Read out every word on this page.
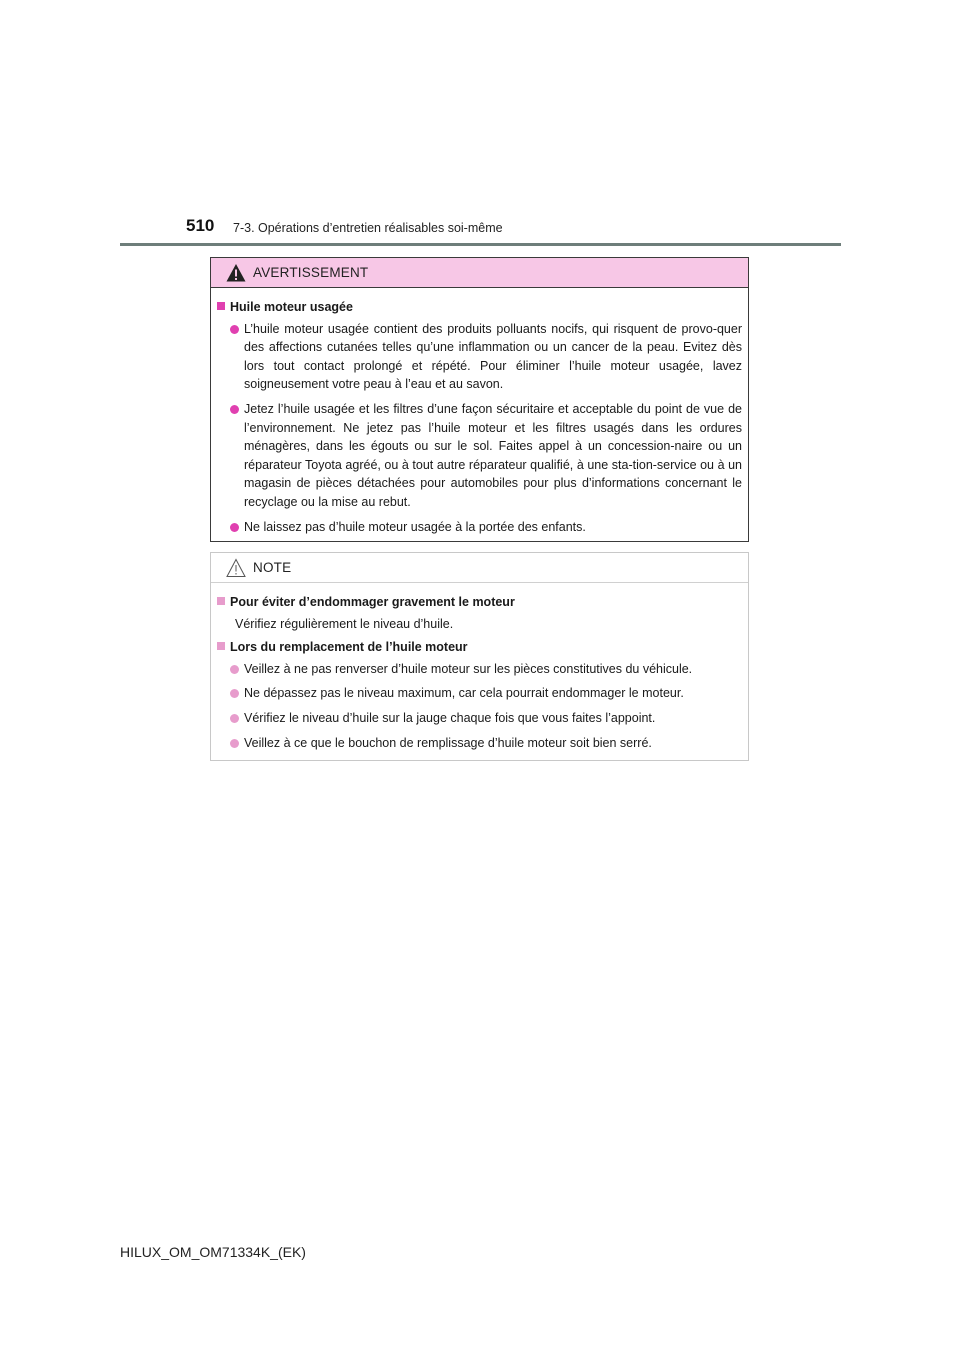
510 7-3. Opérations d’entretien réalisables soi-même
AVERTISSEMENT
Huile moteur usagée
L’huile moteur usagée contient des produits polluants nocifs, qui risquent de provo-quer des affections cutanées telles qu’une inflammation ou un cancer de la peau. Evitez dès lors tout contact prolongé et répété. Pour éliminer l’huile moteur usagée, lavez soigneusement votre peau à l’eau et au savon.
Jetez l’huile usagée et les filtres d’une façon sécuritaire et acceptable du point de vue de l’environnement. Ne jetez pas l’huile moteur et les filtres usagés dans les ordures ménagères, dans les égouts ou sur le sol. Faites appel à un concession-naire ou un réparateur Toyota agréé, ou à tout autre réparateur qualifié, à une sta-tion-service ou à un magasin de pièces détachées pour automobiles pour plus d’informations concernant le recyclage ou la mise au rebut.
Ne laissez pas d’huile moteur usagée à la portée des enfants.
NOTE
Pour éviter d’endommager gravement le moteur
Vérifiez régulièrement le niveau d’huile.
Lors du remplacement de l’huile moteur
Veillez à ne pas renverser d’huile moteur sur les pièces constitutives du véhicule.
Ne dépassez pas le niveau maximum, car cela pourrait endommager le moteur.
Vérifiez le niveau d’huile sur la jauge chaque fois que vous faites l’appoint.
Veillez à ce que le bouchon de remplissage d’huile moteur soit bien serré.
HILUX_OM_OM71334K_(EK)
